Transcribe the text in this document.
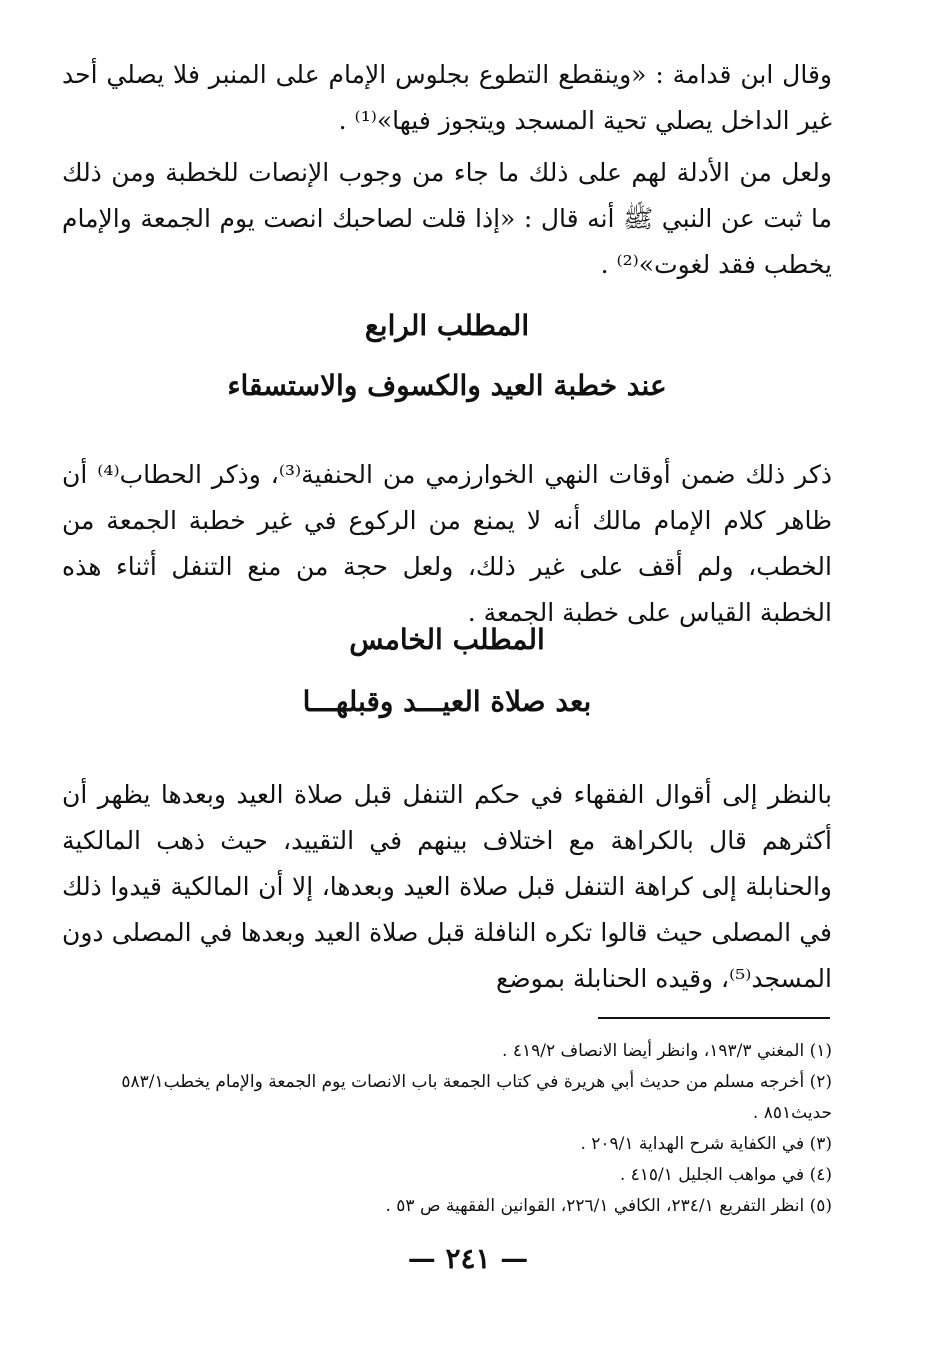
وقال ابن قدامة : «وينقطع التطوع بجلوس الإمام على المنبر فلا يصلي أحد غير الداخل يصلي تحية المسجد ويتجوز فيها»⁽¹⁾ .

ولعل من الأدلة لهم على ذلك ما جاء من وجوب الإنصات للخطبة ومن ذلك ما ثبت عن النبي ﷺ أنه قال : «إذا قلت لصاحبك انصت يوم الجمعة والإمام يخطب فقد لغوت»⁽²⁾ .

المطلب الرابع
عند خطبة العيد والكسوف والاستسقاء

ذكر ذلك ضمن أوقات النهي الخوارزمي من الحنفية⁽³⁾، وذكر الحطاب⁽⁴⁾ أن ظاهر كلام الإمام مالك أنه لا يمنع من الركوع في غير خطبة الجمعة من الخطب، ولم أقف على غير ذلك، ولعل حجة من منع التنفل أثناء هذه الخطبة القياس على خطبة الجمعة .

المطلب الخامس
بعد صلاة العيـــد وقبلهـــا

بالنظر إلى أقوال الفقهاء في حكم التنفل قبل صلاة العيد وبعدها يظهر أن أكثرهم قال بالكراهة مع اختلاف بينهم في التقييد، حيث ذهب المالكية والحنابلة إلى كراهة التنفل قبل صلاة العيد وبعدها، إلا أن المالكية قيدوا ذلك في المصلى حيث قالوا تكره النافلة قبل صلاة العيد وبعدها في المصلى دون المسجد⁽⁵⁾، وقيده الحنابلة بموضع

(١) المغني ١٩٣/٣، وانظر أيضا الانصاف ٤١٩/٢ .
(٢) أخرجه مسلم من حديث أبي هريرة في كتاب الجمعة باب الانصات يوم الجمعة والإمام يخطب٥٨٣/١ حديث٨٥١ .
(٣) في الكفاية شرح الهداية ٢٠٩/١ .
(٤) في مواهب الجليل ٤١٥/١ .
(٥) انظر التفريع ٢٣٤/١، الكافي ٢٢٦/١، القوانين الفقهية ص ٥٣ .
— ٢٤١ —
